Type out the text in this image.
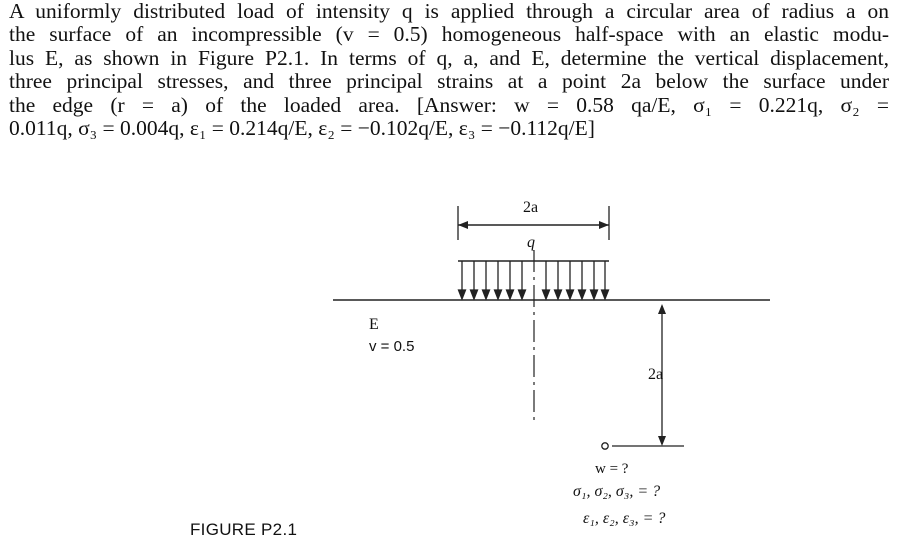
A uniformly distributed load of intensity q is applied through a circular area of radius a on
the surface of an incompressible (v = 0.5) homogeneous half-space with an elastic modu-
lus E, as shown in Figure P2.1. In terms of q, a, and E, determine the vertical displacement,
three principal stresses, and three principal strains at a point 2a below the surface under
the edge (r = a) of the loaded area. [Answer: w = 0.58 qa/E, σ₁ = 0.221q, σ₂ =
0.011q, σ₃ = 0.004q, ε₁ = 0.214q/E, ε₂ = −0.102q/E, ε₃ = −0.112q/E]
2a
q
E
v = 0.5
2a
w = ?
σ₁, σ₂, σ₃, = ?
ε₁, ε₂, ε₃, = ?
FIGURE P2.1
